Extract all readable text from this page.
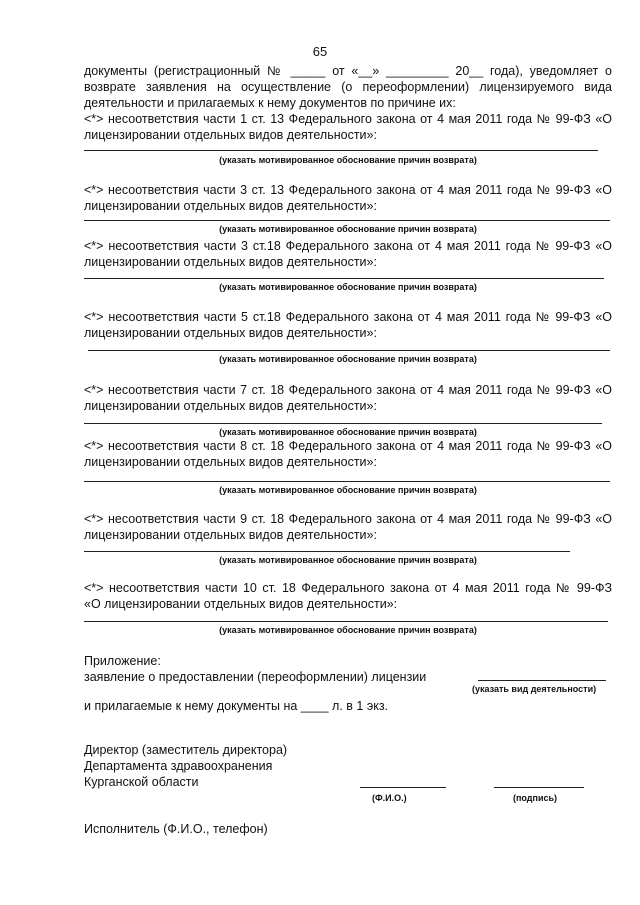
65
документы (регистрационный № _____ от «__» _________ 20__ года), уведомляет о
возврате заявления на осуществление (о переоформлении) лицензируемого вида
деятельности и прилагаемых к нему документов по причине их:
<*> несоответствия части 1 ст. 13 Федерального закона от 4 мая 2011 года № 99-ФЗ «О
лицензировании отдельных видов деятельности»:
(указать мотивированное обоснование причин возврата)
<*> несоответствия части 3 ст. 13 Федерального закона от 4 мая 2011 года № 99-ФЗ «О
лицензировании отдельных видов деятельности»:
(указать мотивированное обоснование причин возврата)
<*> несоответствия части 3 ст.18 Федерального закона от 4 мая 2011 года № 99-ФЗ «О
лицензировании отдельных видов деятельности»:
(указать мотивированное обоснование причин возврата)
<*> несоответствия части 5 ст.18 Федерального закона от 4 мая 2011 года № 99-ФЗ «О
лицензировании отдельных видов деятельности»:
(указать мотивированное обоснование причин возврата)
<*> несоответствия части 7 ст. 18 Федерального закона от 4 мая 2011 года № 99-ФЗ «О
лицензировании отдельных видов деятельности»:
(указать мотивированное обоснование причин возврата)
<*> несоответствия части 8 ст. 18 Федерального закона от 4 мая 2011 года № 99-ФЗ «О
лицензировании отдельных видов деятельности»:
(указать мотивированное обоснование причин возврата)
<*> несоответствия части 9 ст. 18 Федерального закона от 4 мая 2011 года № 99-ФЗ «О
лицензировании отдельных видов деятельности»:
(указать мотивированное обоснование причин возврата)
<*> несоответствия части 10 ст. 18 Федерального закона от 4 мая 2011 года № 99-ФЗ
«О лицензировании отдельных видов деятельности»:
(указать мотивированное обоснование причин возврата)
Приложение:
заявление о предоставлении (переоформлении) лицензии
(указать вид деятельности)
и прилагаемые к нему документы на ____ л. в 1 экз.
Директор (заместитель директора)
Департамента здравоохранения
Курганской области
(Ф.И.О.)	(подпись)
Исполнитель (Ф.И.О., телефон)
